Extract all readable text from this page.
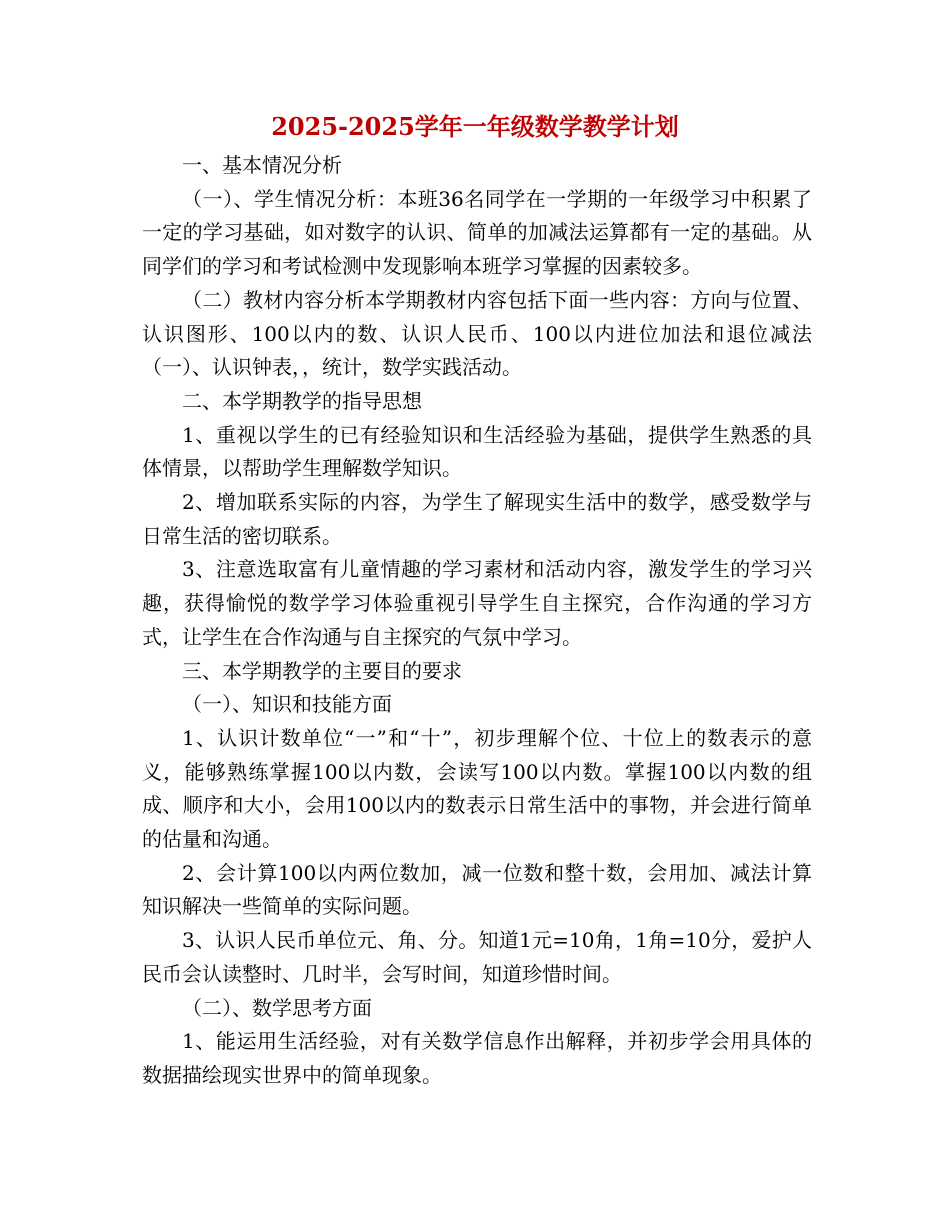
2025-2025学年一年级数学教学计划

一、基本情况分析

（一）、学生情况分析：本班36名同学在一学期的一年级学习中积累了一定的学习基础，如对数字的认识、简单的加减法运算都有一定的基础。从同学们的学习和考试检测中发现影响本班学习掌握的因素较多。

（二）教材内容分析本学期教材内容包括下面一些内容：方向与位置、认识图形、100以内的数、认识人民币、100以内进位加法和退位减法（一）、认识钟表，，统计，数学实践活动。

二、本学期教学的指导思想

1、重视以学生的已有经验知识和生活经验为基础，提供学生熟悉的具体情景，以帮助学生理解数学知识。

2、增加联系实际的内容，为学生了解现实生活中的数学，感受数学与日常生活的密切联系。

3、注意选取富有儿童情趣的学习素材和活动内容，激发学生的学习兴趣，获得愉悦的数学学习体验重视引导学生自主探究，合作沟通的学习方式，让学生在合作沟通与自主探究的气氛中学习。

三、本学期教学的主要目的要求

（一）、知识和技能方面

1、认识计数单位“一”和“十”，初步理解个位、十位上的数表示的意义，能够熟练掌握100以内数，会读写100以内数。掌握100以内数的组成、顺序和大小，会用100以内的数表示日常生活中的事物，并会进行简单的估量和沟通。

2、会计算100以内两位数加，减一位数和整十数，会用加、减法计算知识解决一些简单的实际问题。

3、认识人民币单位元、角、分。知道1元=10角，1角=10分，爱护人民币会认读整时、几时半，会写时间，知道珍惜时间。

（二）、数学思考方面

1、能运用生活经验，对有关数学信息作出解释，并初步学会用具体的数据描绘现实世界中的简单现象。
